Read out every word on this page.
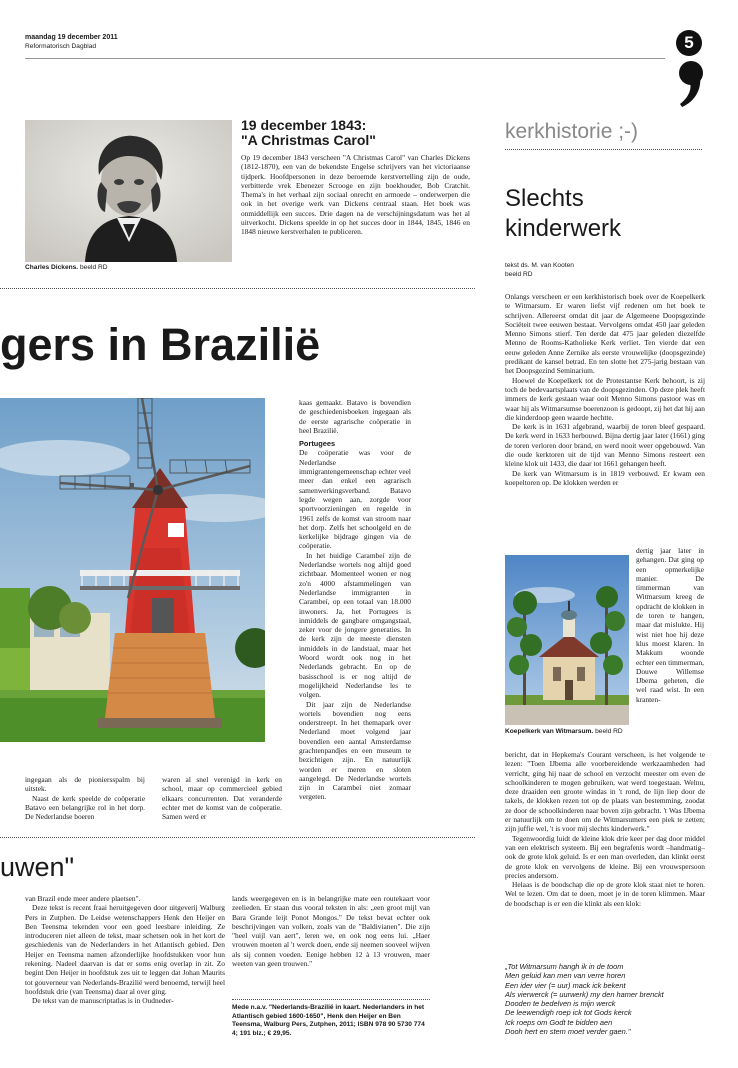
maandag 19 december 2011
Reformatorisch Dagblad	5
Charles Dickens. beeld RD
19 december 1843:
"A Christmas Carol"

Op 19 december 1843 verscheen "A Christmas Carol" van Charles Dickens (1812-1870), een van de bekendste Engelse schrijvers van het victoriaanse tijdperk. Hoofdpersonen in deze beroemde kerstvertelling zijn de oude, verbitterde vrek Ebenezer Scrooge en zijn boekhouder, Bob Cratchit. Thema's in het verhaal zijn sociaal onrecht en armoede – onderwerpen die ook in het overige werk van Dickens centraal staan. Het boek was onmiddellijk een succes. Drie dagen na de verschijningsdatum was het al uitverkocht. Dickens speelde in op het succes door in 1844, 1845, 1846 en 1848 nieuwe kerstverhalen te publiceren.

gers in Brazilië

kaas gemaakt. Batavo is bovendien de geschiedenisboeken ingegaan als de eerste agrarische coöperatie in heel Brazilië.

Portugees

De coöperatie was voor de Nederlandse immigrantengemeenschap echter veel meer dan enkel een agrarisch samenwerkingsverband. Batavo legde wegen aan, zorgde voor sportvoorzieningen en regelde in 1961 zelfs de komst van stroom naar het dorp. Zelfs het schoolgeld en de kerkelijke bijdrage gingen via de coöperatie.

In het huidige Carambeí zijn de Nederlandse wortels nog altijd goed zichtbaar. Momenteel wonen er nog zo'n 4000 afstammelingen van Nederlandse immigranten in Carambeí, op een totaal van 18.000 inwoners. Ja, het Portugees is inmiddels de gangbare omgangstaal, zeker voor de jongere generaties. In de kerk zijn de meeste diensten inmiddels in de landstaal, maar het Woord wordt ook nog in het Nederlands gebracht. En op de basisschool is er nog altijd de mogelijkheid Nederlandse les te volgen.

Dit jaar zijn de Nederlandse wortels bovendien nog eens onderstreept. In het themapark over Nederland moet volgend jaar bovendien een aantal Amsterdamse grachtenpandjes en een museum te bezichtigen zijn. En natuurlijk worden er meren en sloten aangelegd. De Nederlandse wortels zijn in Carambeí niet zomaar vergeten.

ingegaan als de pioniersspalm bij uitstek.

Naast de kerk speelde de coöperatie Batavo een belangrijke rol in het dorp. De Nederlandse boeren

waren al snel verenigd in kerk en school, maar op commercieel gebied elkaars concurrenten. Dat veranderde echter met de komst van de coöperatie. Samen werd er

uwen"

van Brazil ende meer andere plaetsen".

Deze tekst is recent fraai heruitgegeven door uitgeverij Walburg Pers in Zutphen. De Leidse wetenschappers Henk den Heijer en Ben Teensma tekenden voor een goed leesbare inleiding. Ze introduceren niet alleen de tekst, maar schetsen ook in het kort de geschiedenis van de Nederlanders in het Atlantisch gebied. Den Heijer en Teensma namen afzonderlijke hoofdstukken voor hun rekening. Nadeel daarvan is dat er soms enig overlap in zit. Zo begint Den Heijer in hoofdstuk zes uit te leggen dat Johan Maurits tot gouverneur van Nederlands-Brazilië werd benoemd, terwijl heel hoofdstuk drie (van Teensma) daar al over ging.

De tekst van de manuscriptatlas is in Oudneder-

lands weergegeven en is in belangrijke mate een routekaart voor zeelieden. Er staan dus vooral teksten in als: „een groot mijl van Bara Grande leijt Ponot Mongos." De tekst bevat echter ook beschrijvingen van volken, zoals van de "Baldivianen". Die zijn "heel vuijl van aert", leren we, en ook nog eens lui. „Haer vrouwen moeten al 't werck doen, ende sij neemen sooveel wijven als sij connen voeden. Eenige hebben 12 à 13 vrouwen, maer weeten van geen trouwen."

Mede n.a.v. "Nederlands-Brazilië in kaart. Nederlanders in het Atlantisch gebied 1600-1650", Henk den Heijer en Ben Teensma, Walburg Pers, Zutphen, 2011; ISBN 978 90 5730 774 4; 191 blz.; € 29,95.
kerkhistorie ;-)
Slechts
kinderwerk
tekst ds. M. van Kooten
beeld RD

Onlangs verscheen er een kerkhistorisch boek over de Koepelkerk te Witmarsum. Er waren liefst vijf redenen om het boek te schrijven. Allereerst omdat dit jaar de Algemeene Doopsgezinde Sociëteit twee eeuwen bestaat. Vervolgens omdat 450 jaar geleden Menno Simons stierf. Ten derde dat 475 jaar geleden diezelfde Menno de Rooms-Katholieke Kerk verliet. Ten vierde dat een eeuw geleden Anne Zernike als eerste vrouwelijke (doopsgezinde) predikant de kansel betrad. En ten slotte het 275-jarig bestaan van het Doopsgezind Seminarium.

Hoewel de Koepelkerk tot de Protestantse Kerk behoort, is zij toch de bedevaartsplaats van de doopsgezinden. Op deze plek heeft immers de kerk gestaan waar ooit Menno Simons pastoor was en waar hij als Witmarsumse boerenzoon is gedoopt, zij het dat hij aan die kinderdoop geen waarde hechtte.

De kerk is in 1631 afgebrand, waarbij de toren bleef gespaard. De kerk werd in 1633 herbouwd. Bijna dertig jaar later (1661) ging de toren verloren door brand, en werd nooit weer opgebouwd. Van die oude kerktoren uit de tijd van Menno Simons resteert een kleine klok uit 1433, die daar tot 1661 gehangen heeft.

De kerk van Witmarsum is in 1819 verbouwd. Er kwam een koepeltoren op. De klokken werden er

Koepelkerk van Witmarsum. beeld RD

dertig jaar later in gehangen. Dat ging op een opmerkelijke manier. De timmerman van Witmarsum kreeg de opdracht de klokken in de toren te hangen, maar dat mislukte. Hij wist niet hoe hij deze klus moest klaren. In Makkum woonde echter een timmerman, Douwe Willemse IJbema geheten, die wel raad wist. In een kranten-

bericht, dat in Hepkema's Courant verscheen, is het volgende te lezen: "Toen IJbema alle voorbereidende werkzaamheden had verricht, ging hij naar de school en verzocht meester om even de schoolkinderen te mogen gebruiken, wat werd toegestaan. Welnu, deze draaiden een groote windas in 't rond, de lijn liep door de takels, de klokken rezen tot op de plaats van bestemming, zoodat ze door de schoolkinderen naar boven zijn gebracht. 't Was IJbema er natuurlijk om te doen om de Witmarsumers een piek te zetten; zijn juffie wel, 't is voor mij slechts kinderwerk."

Tegenwoordig luidt de kleine klok drie keer per dag door middel van een elektrisch systeem. Bij een begrafenis wordt –handmatig– ook de grote klok geluid. Is er een man overleden, dan klinkt eerst de grote klok en vervolgens de kleine. Bij een vrouwspersoon precies andersom.

Helaas is de boodschap die op de grote klok staat niet te horen. Wel te lezen. Om dat te doen, moet je in de toren klimmen. Maar de boodschap is er een die klinkt als een klok:

„Tot Witmarsum hangh ik in de toom
Men geluid kan men van verre horen
Een ider vier (= uur) mack ick bekent
Als vierwerck (= uurwerk) my den hamer brenckt
Dooden te bedelven is mijn werck
De leewendigh roep ick tot Gods kerck
Ick roeps om Godt te bidden aen
Dooh hert en stem moet verder gaen."
